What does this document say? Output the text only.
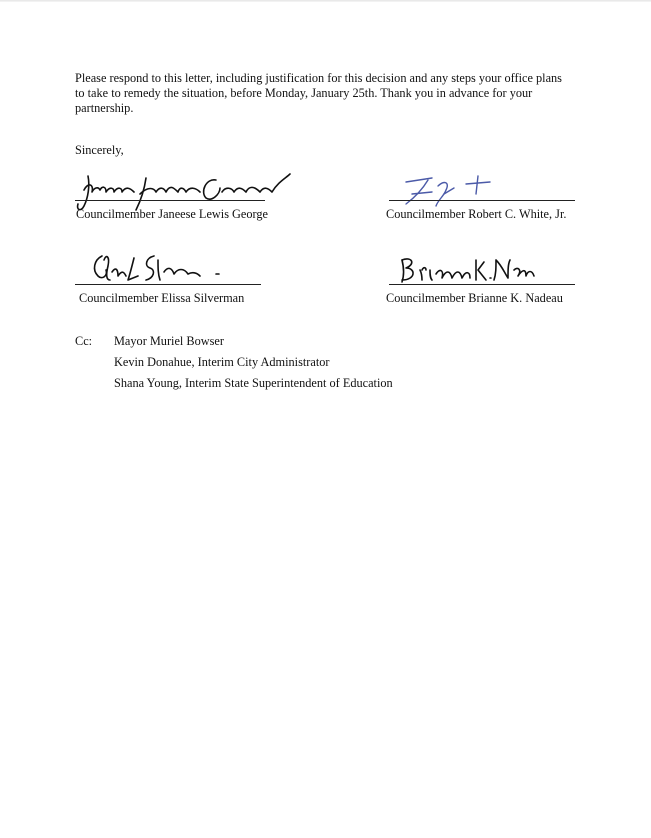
Please respond to this letter, including justification for this decision and any steps your office plans to take to remedy the situation, before Monday, January 25th. Thank you in advance for your partnership.

Sincerely,

Councilmember Janeese Lewis George	Councilmember Robert C. White, Jr.
Councilmember Elissa Silverman	Councilmember Brianne K. Nadeau
Cc: Mayor Muriel Bowser
Kevin Donahue, Interim City Administrator
Shana Young, Interim State Superintendent of Education
